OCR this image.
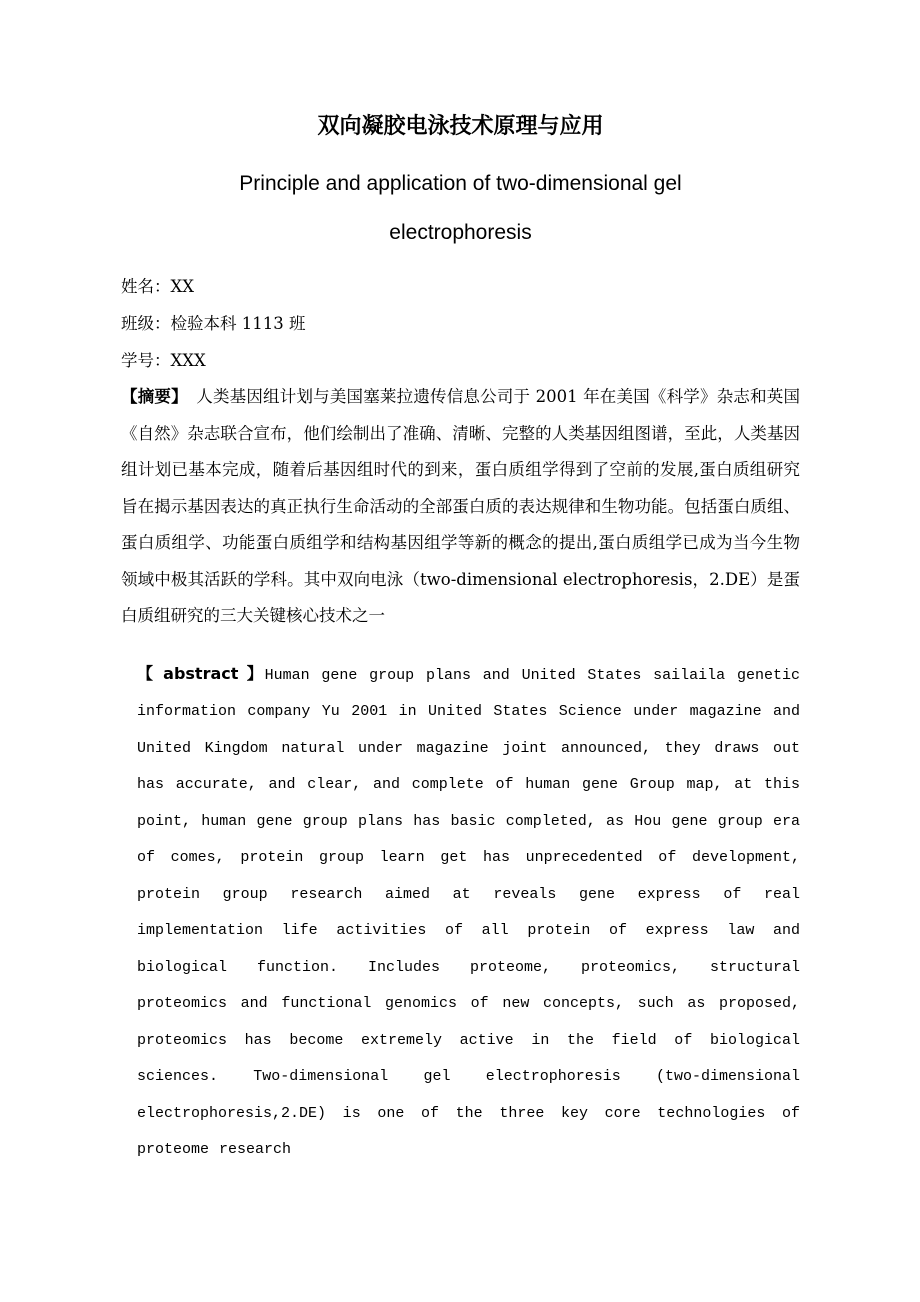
双向凝胶电泳技术原理与应用
Principle and application of two-dimensional gel
electrophoresis

姓名：XX

班级：检验本科 1113 班

学号：XXX

【摘要】　人类基因组计划与美国塞莱拉遗传信息公司于 2001 年在美国《科学》杂志和英国《自然》杂志联合宣布，他们绘制出了准确、清晰、完整的人类基因组图谱，至此，人类基因组计划已基本完成，随着后基因组时代的到来，蛋白质组学得到了空前的发展,蛋白质组研究旨在揭示基因表达的真正执行生命活动的全部蛋白质的表达规律和生物功能。包括蛋白质组、蛋白质组学、功能蛋白质组学和结构基因组学等新的概念的提出,蛋白质组学已成为当今生物领域中极其活跃的学科。其中双向电泳（two-dimensional electrophoresis，2.DE）是蛋白质组研究的三大关键核心技术之一

【 abstract 】Human gene group plans and United States sailaila genetic information company Yu 2001 in United States Science under magazine and United Kingdom natural under magazine joint announced, they draws out has accurate, and clear, and complete of human gene Group map, at this point, human gene group plans has basic completed, as Hou gene group era of comes, protein group learn get has unprecedented of development, protein group research aimed at reveals gene express of real implementation life activities of all protein of express law and biological function. Includes proteome, proteomics, structural proteomics and functional genomics of new concepts, such as proposed, proteomics has become extremely active in the field of biological sciences. Two-dimensional gel electrophoresis (two-dimensional electrophoresis,2.DE) is one of the three key core technologies of proteome research
